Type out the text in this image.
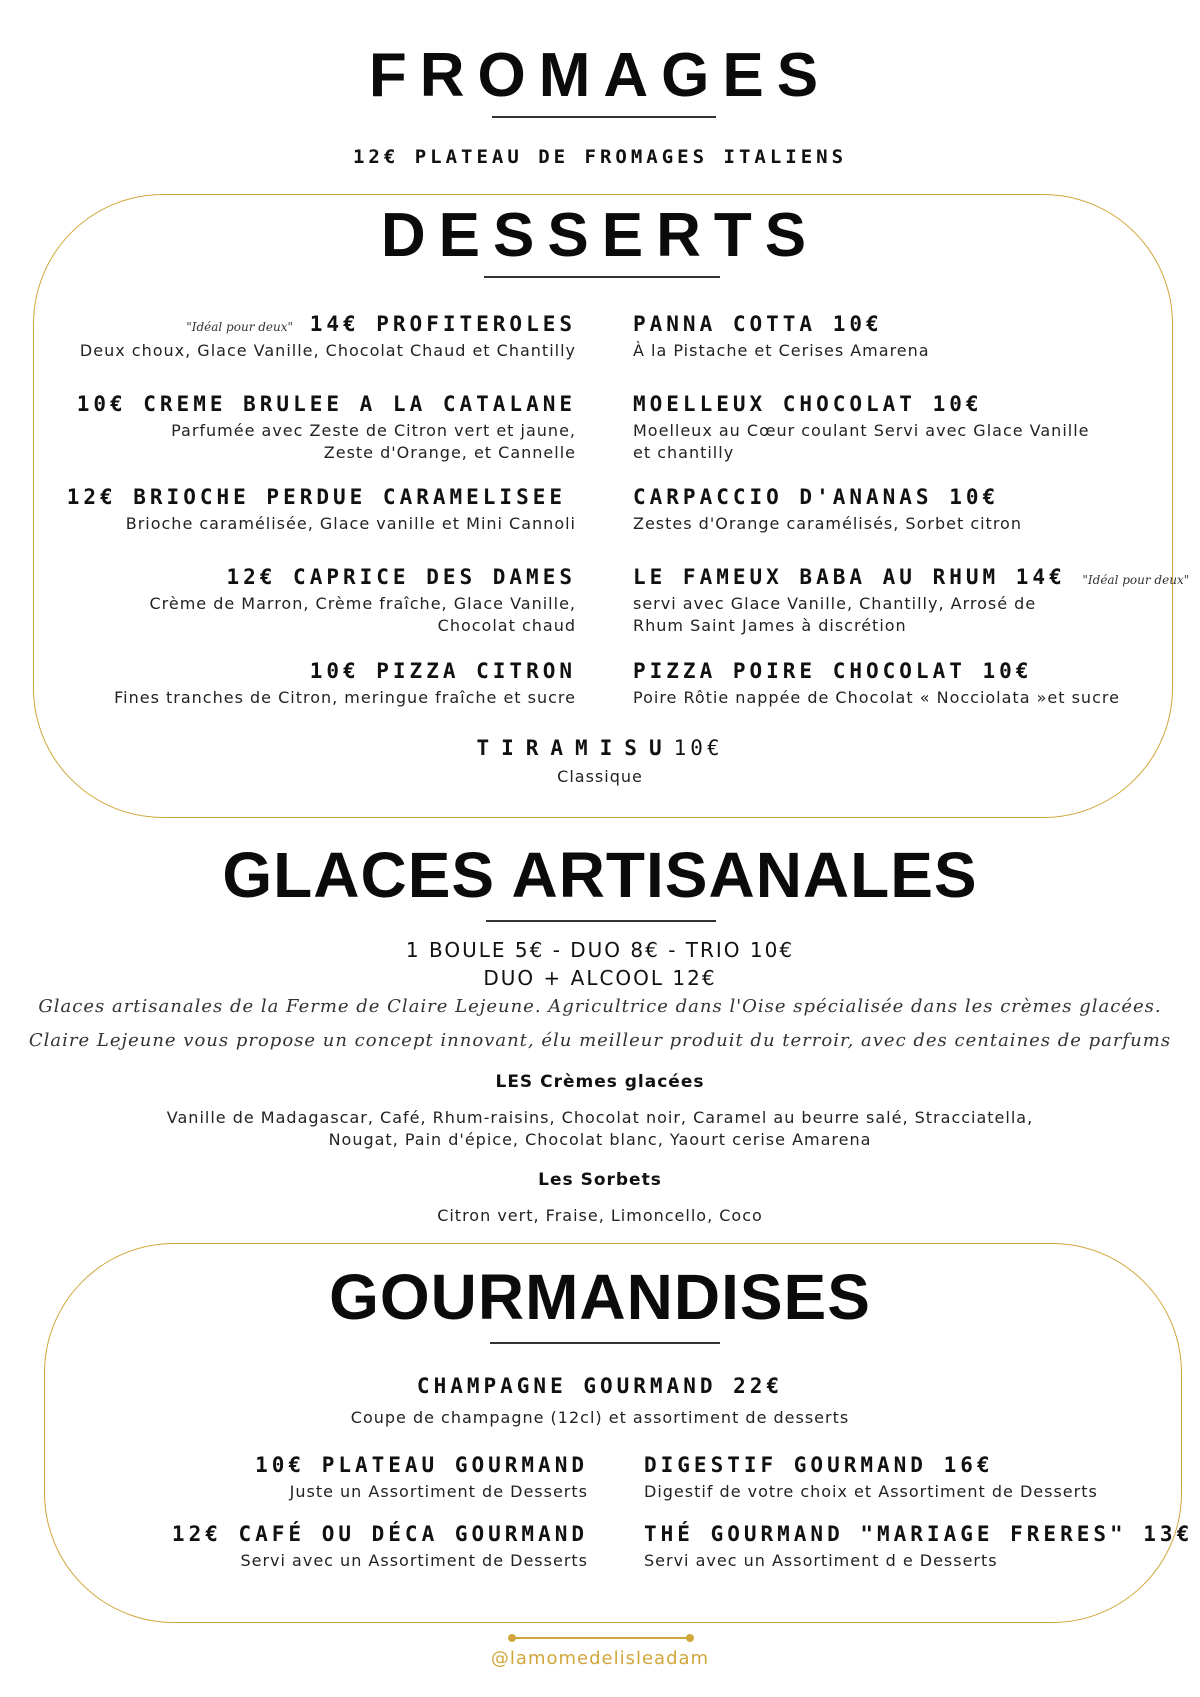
FROMAGES
12€ PLATEAU DE FROMAGES ITALIENS
DESSERTS
"Idéal pour deux" 14€ PROFITEROLES
Deux choux, Glace Vanille, Chocolat Chaud et Chantilly
10€ CREME BRULEE A LA CATALANE
Parfumée avec Zeste de Citron vert et jaune,
Zeste d'Orange, et Cannelle
12€ BRIOCHE PERDUE CARAMELISEE
Brioche caramélisée, Glace vanille et Mini Cannoli
12€ CAPRICE DES DAMES
Crème de Marron, Crème fraîche, Glace Vanille,
Chocolat chaud
10€ PIZZA CITRON
Fines tranches de Citron, meringue fraîche et sucre
PANNA COTTA 10€
À la Pistache et Cerises Amarena
MOELLEUX CHOCOLAT 10€
Moelleux au Cœur coulant Servi avec Glace Vanille
et chantilly
CARPACCIO D'ANANAS 10€
Zestes d'Orange caramélisés, Sorbet citron
LE FAMEUX BABA AU RHUM 14€ "Idéal pour deux"
servi avec Glace Vanille, Chantilly, Arrosé de
Rhum Saint James à discrétion
PIZZA POIRE CHOCOLAT 10€
Poire Rôtie nappée de Chocolat « Nocciolata »et sucre
TIRAMISU10€
Classique
GLACES ARTISANALES
1 BOULE 5€ - DUO 8€ - TRIO 10€
DUO + ALCOOL 12€
Glaces artisanales de la Ferme de Claire Lejeune. Agricultrice dans l'Oise spécialisée dans les crèmes glacées.
Claire Lejeune vous propose un concept innovant, élu meilleur produit du terroir, avec des centaines de parfums
LES Crèmes glacées
Vanille de Madagascar, Café, Rhum-raisins, Chocolat noir, Caramel au beurre salé, Stracciatella,
Nougat, Pain d'épice, Chocolat blanc, Yaourt cerise Amarena
Les Sorbets
Citron vert, Fraise, Limoncello, Coco
GOURMANDISES
CHAMPAGNE GOURMAND 22€
Coupe de champagne (12cl) et assortiment de desserts
10€ PLATEAU GOURMAND
Juste un Assortiment de Desserts
12€ CAFÉ OU DÉCA GOURMAND
Servi avec un Assortiment de Desserts
DIGESTIF GOURMAND 16€
Digestif de votre choix et Assortiment de Desserts
THÉ GOURMAND "MARIAGE FRERES" 13€
Servi avec un Assortiment d e Desserts
@lamomedelisleadam
